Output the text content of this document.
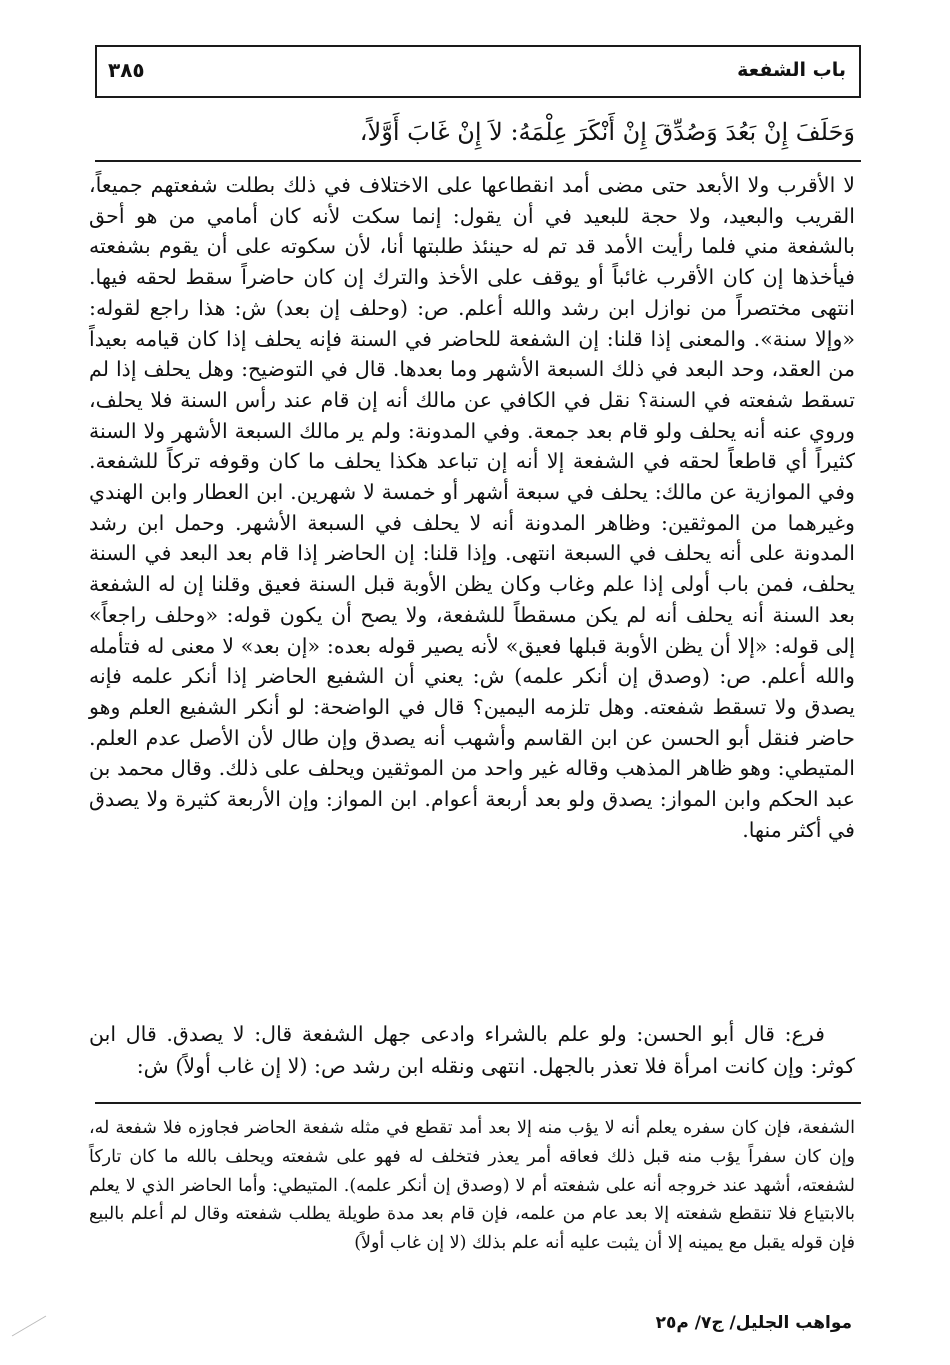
باب الشفعة
٣٨٥
وَحَلَفَ إِنْ بَعُدَ وَصُدِّقَ إِنْ أَنْكَرَ عِلْمَهُ: لاَ إِنْ غَابَ أَوَّلاً،
لا الأقرب ولا الأبعد حتى مضى أمد انقطاعها على الاختلاف في ذلك بطلت شفعتهم جميعاً، القريب والبعيد، ولا حجة للبعيد في أن يقول: إنما سكت لأنه كان أمامي من هو أحق بالشفعة مني فلما رأيت الأمد قد تم له حينئذ طلبتها أنا، لأن سكوته على أن يقوم بشفعته فيأخذها إن كان الأقرب غائباً أو يوقف على الأخذ والترك إن كان حاضراً سقط لحقه فيها. انتهى مختصراً من نوازل ابن رشد والله أعلم. ص: (وحلف إن بعد) ش: هذا راجع لقوله: «وإلا سنة». والمعنى إذا قلنا: إن الشفعة للحاضر في السنة فإنه يحلف إذا كان قيامه بعيداً من العقد، وحد البعد في ذلك السبعة الأشهر وما بعدها. قال في التوضيح: وهل يحلف إذا لم تسقط شفعته في السنة؟ نقل في الكافي عن مالك أنه إن قام عند رأس السنة فلا يحلف، وروي عنه أنه يحلف ولو قام بعد جمعة. وفي المدونة: ولم ير مالك السبعة الأشهر ولا السنة كثيراً أي قاطعاً لحقه في الشفعة إلا أنه إن تباعد هكذا يحلف ما كان وقوفه تركاً للشفعة. وفي الموازية عن مالك: يحلف في سبعة أشهر أو خمسة لا شهرين. ابن العطار وابن الهندي وغيرهما من الموثقين: وظاهر المدونة أنه لا يحلف في السبعة الأشهر. وحمل ابن رشد المدونة على أنه يحلف في السبعة انتهى. وإذا قلنا: إن الحاضر إذا قام بعد البعد في السنة يحلف، فمن باب أولى إذا علم وغاب وكان يظن الأوبة قبل السنة فعيق وقلنا إن له الشفعة بعد السنة أنه يحلف أنه لم يكن مسقطاً للشفعة، ولا يصح أن يكون قوله: «وحلف راجعاً» إلى قوله: «إلا أن يظن الأوبة قبلها فعيق» لأنه يصير قوله بعده: «إن بعد» لا معنى له فتأمله والله أعلم. ص: (وصدق إن أنكر علمه) ش: يعني أن الشفيع الحاضر إذا أنكر علمه فإنه يصدق ولا تسقط شفعته. وهل تلزمه اليمين؟ قال في الواضحة: لو أنكر الشفيع العلم وهو حاضر فنقل أبو الحسن عن ابن القاسم وأشهب أنه يصدق وإن طال لأن الأصل عدم العلم. المتيطي: وهو ظاهر المذهب وقاله غير واحد من الموثقين ويحلف على ذلك. وقال محمد بن عبد الحكم وابن المواز: يصدق ولو بعد أربعة أعوام. ابن المواز: وإن الأربعة كثيرة ولا يصدق في أكثر منها.
فرع: قال أبو الحسن: ولو علم بالشراء وادعى جهل الشفعة قال: لا يصدق. قال ابن كوثر: وإن كانت امرأة فلا تعذر بالجهل. انتهى ونقله ابن رشد ص: (لا إن غاب أولاً) ش:
الشفعة، فإن كان سفره يعلم أنه لا يؤب منه إلا بعد أمد تقطع في مثله شفعة الحاضر فجاوزه فلا شفعة له، وإن كان سفراً يؤب منه قبل ذلك فعاقه أمر يعذر فتخلف له فهو على شفعته ويحلف بالله ما كان تاركاً لشفعته، أشهد عند خروجه أنه على شفعته أم لا (وصدق إن أنكر علمه). المتيطي: وأما الحاضر الذي لا يعلم بالابتياع فلا تنقطع شفعته إلا بعد عام من علمه، فإن قام بعد مدة طويلة يطلب شفعته وقال لم أعلم بالبيع فإن قوله يقبل مع يمينه إلا أن يثبت عليه أنه علم بذلك (لا إن غاب أولاً)
مواهب الجليل/ ج٧/ م٢٥
